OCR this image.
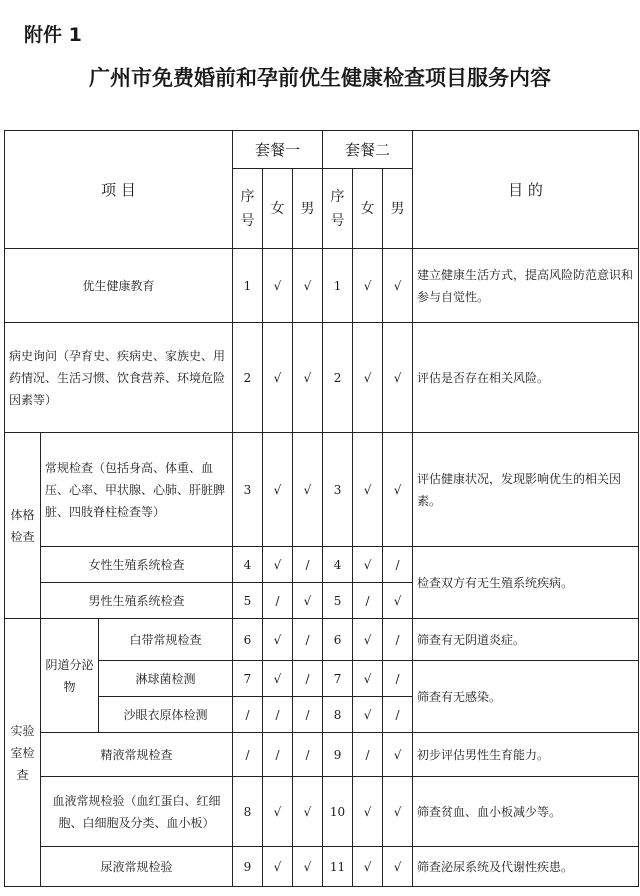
附件 1
广州市免费婚前和孕前优生健康检查项目服务内容
项 目			套餐一			套餐二			目 的
			序号	女	男	序号	女	男	
优生健康教育			1	√	√	1	√	√	建立健康生活方式，提高风险防范意识和参与自觉性。
病史询问（孕育史、疾病史、家族史、用药情况、生活习惯、饮食营养、环境危险因素等）			2	√	√	2	√	√	评估是否存在相关风险。
体格检查	常规检查（包括身高、体重、血压、心率、甲状腺、心肺、肝脏脾脏、四肢脊柱检查等）		3	√	√	3	√	√	评估健康状况，发现影响优生的相关因素。
	女性生殖系统检查		4	√	/	4	√	/	检查双方有无生殖系统疾病。
	男性生殖系统检查		5	/	√	5	/	√	
实验室检查	阴道分泌物	白带常规检查	6	√	/	6	√	/	筛查有无阴道炎症。
		淋球菌检测	7	√	/	7	√	/	筛查有无感染。
		沙眼衣原体检测	/	/	/	8	√	/	
	精液常规检查		/	/	/	9	/	√	初步评估男性生育能力。
	血液常规检验（血红蛋白、红细胞、白细胞及分类、血小板）		8	√	√	10	√	√	筛查贫血、血小板减少等。
	尿液常规检验		9	√	√	11	√	√	筛查泌尿系统及代谢性疾患。
